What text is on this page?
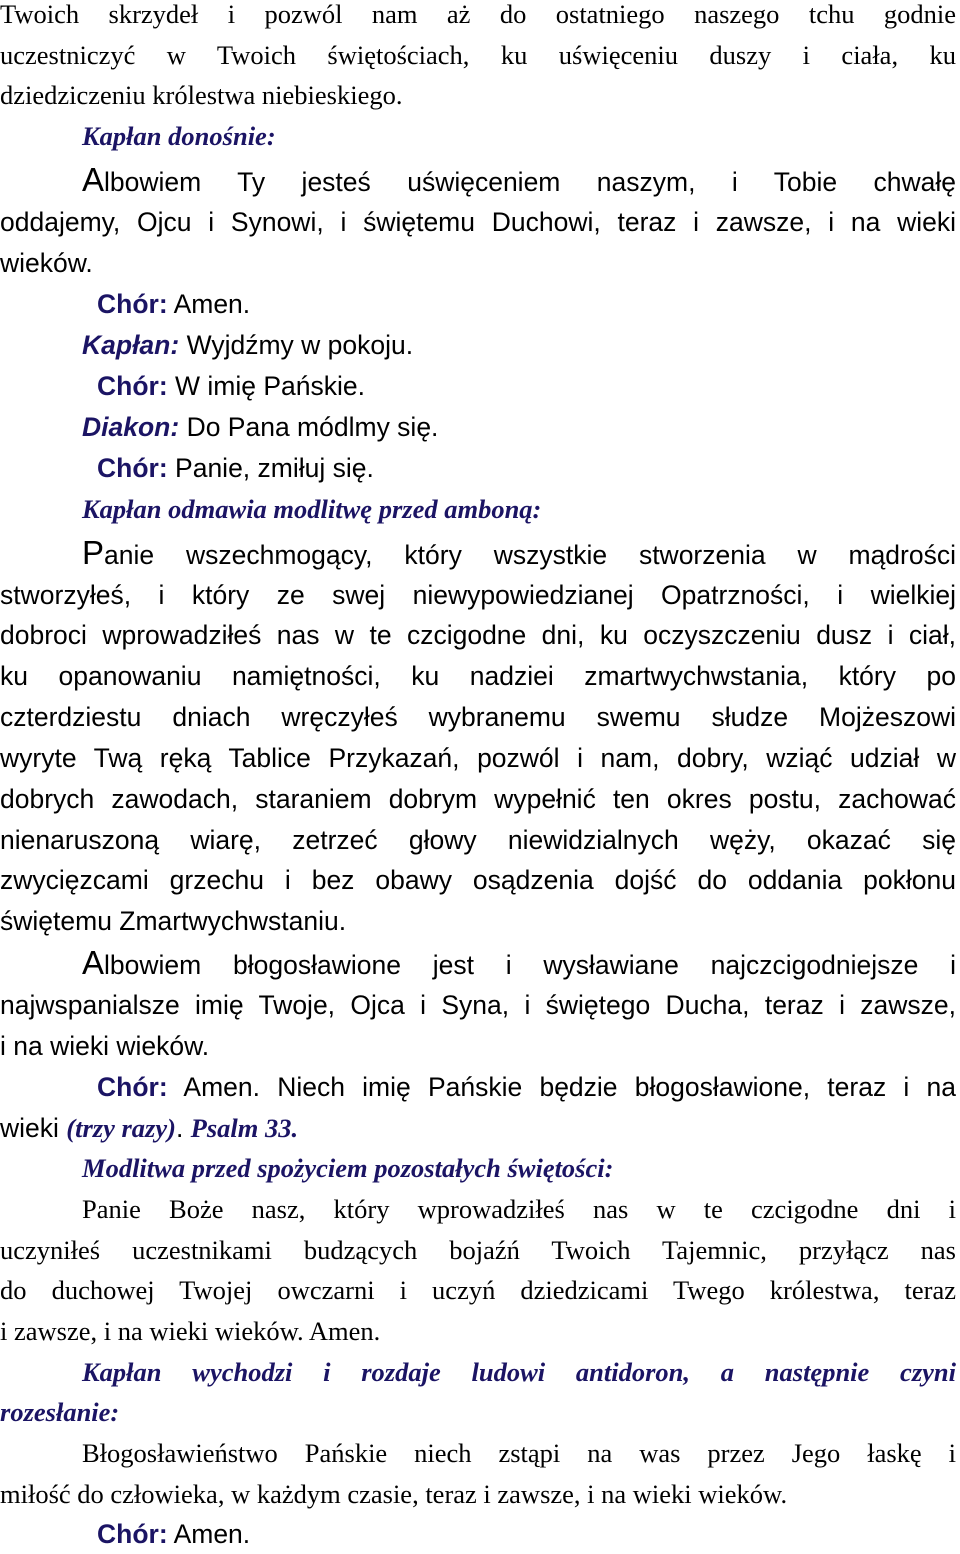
Twoich skrzydeł i pozwól nam aż do ostatniego naszego tchu godnie
uczestniczyć w Twoich świętościach, ku uświęceniu duszy i ciała, ku
dziedziczeniu królestwa niebieskiego.
Kapłan donośnie:
Albowiem Ty jesteś uświęceniem naszym, i Tobie chwałę
oddajemy, Ojcu i Synowi, i świętemu Duchowi, teraz i zawsze, i na wieki
wieków.
Chór: Amen.
Kapłan: Wyjdźmy w pokoju.
Chór: W imię Pańskie.
Diakon: Do Pana módlmy się.
Chór: Panie, zmiłuj się.
Kapłan odmawia modlitwę przed amboną:
Panie wszechmogący, który wszystkie stworzenia w mądrości
stworzyłeś, i który ze swej niewypowiedzianej Opatrzności, i wielkiej
dobroci wprowadziłeś nas w te czcigodne dni, ku oczyszczeniu dusz i ciał,
ku opanowaniu namiętności, ku nadziei zmartwychwstania, który po
czterdziestu dniach wręczyłeś wybranemu swemu słudze Mojżeszowi
wyryte Twą ręką Tablice Przykazań, pozwól i nam, dobry, wziąć udział w
dobrych zawodach, staraniem dobrym wypełnić ten okres postu, zachować
nienaruszoną wiarę, zetrzeć głowy niewidzialnych węży, okazać się
zwycięzcami grzechu i bez obawy osądzenia dojść do oddania pokłonu
świętemu Zmartwychwstaniu.
Albowiem błogosławione jest i wysławiane najczcigodniejsze i
najwspanialsze imię Twoje, Ojca i Syna, i świętego Ducha, teraz i zawsze,
i na wieki wieków.
Chór: Amen. Niech imię Pańskie będzie błogosławione, teraz i na
wieki (trzy razy). Psalm 33.
Modlitwa przed spożyciem pozostałych świętości:
Panie Boże nasz, który wprowadziłeś nas w te czcigodne dni i
uczyniłeś uczestnikami budzących bojaźń Twoich Tajemnic, przyłącz nas
do duchowej Twojej owczarni i uczyń dziedzicami Twego królestwa, teraz
i zawsze, i na wieki wieków. Amen.
Kapłan wychodzi i rozdaje ludowi antidoron, a następnie czyni
rozesłanie:
Błogosławieństwo Pańskie niech zstąpi na was przez Jego łaskę i
miłość do człowieka, w każdym czasie, teraz i zawsze, i na wieki wieków.
Chór: Amen.
